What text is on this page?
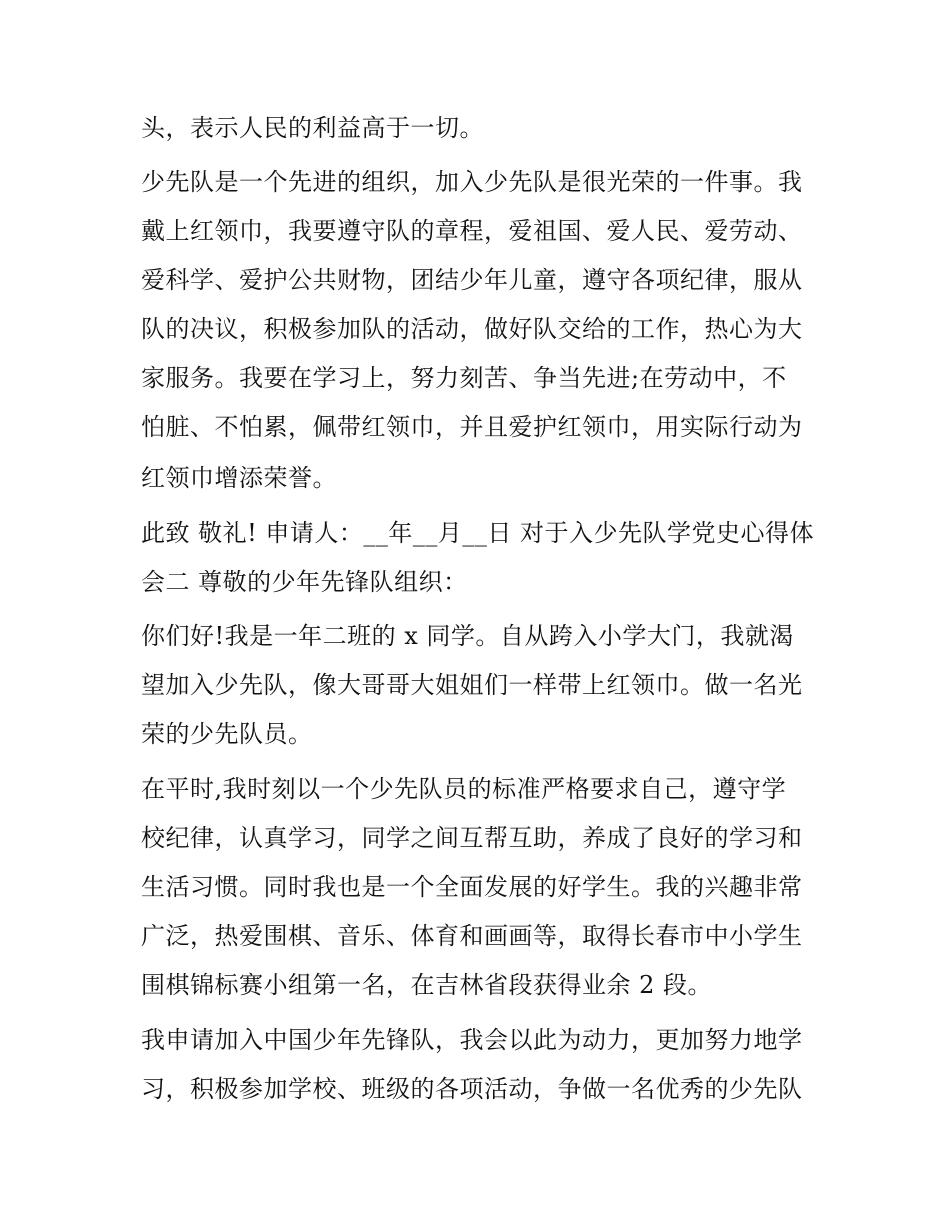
头，表示人民的利益高于一切。
少先队是一个先进的组织，加入少先队是很光荣的一件事。我
戴上红领巾，我要遵守队的章程，爱祖国、爱人民、爱劳动、
爱科学、爱护公共财物，团结少年儿童，遵守各项纪律，服从
队的决议，积极参加队的活动，做好队交给的工作，热心为大
家服务。我要在学习上，努力刻苦、争当先进;在劳动中，不
怕脏、不怕累，佩带红领巾，并且爱护红领巾，用实际行动为
红领巾增添荣誉。
此致 敬礼! 申请人：__年__月__日 对于入少先队学党史心得体
会二 尊敬的少年先锋队组织：
你们好!我是一年二班的 x 同学。自从跨入小学大门，我就渴
望加入少先队，像大哥哥大姐姐们一样带上红领巾。做一名光
荣的少先队员。
在平时,我时刻以一个少先队员的标准严格要求自己，遵守学
校纪律，认真学习，同学之间互帮互助，养成了良好的学习和
生活习惯。同时我也是一个全面发展的好学生。我的兴趣非常
广泛，热爱围棋、音乐、体育和画画等，取得长春市中小学生
围棋锦标赛小组第一名，在吉林省段获得业余 2 段。
我申请加入中国少年先锋队，我会以此为动力，更加努力地学
习，积极参加学校、班级的各项活动，争做一名优秀的少先队
